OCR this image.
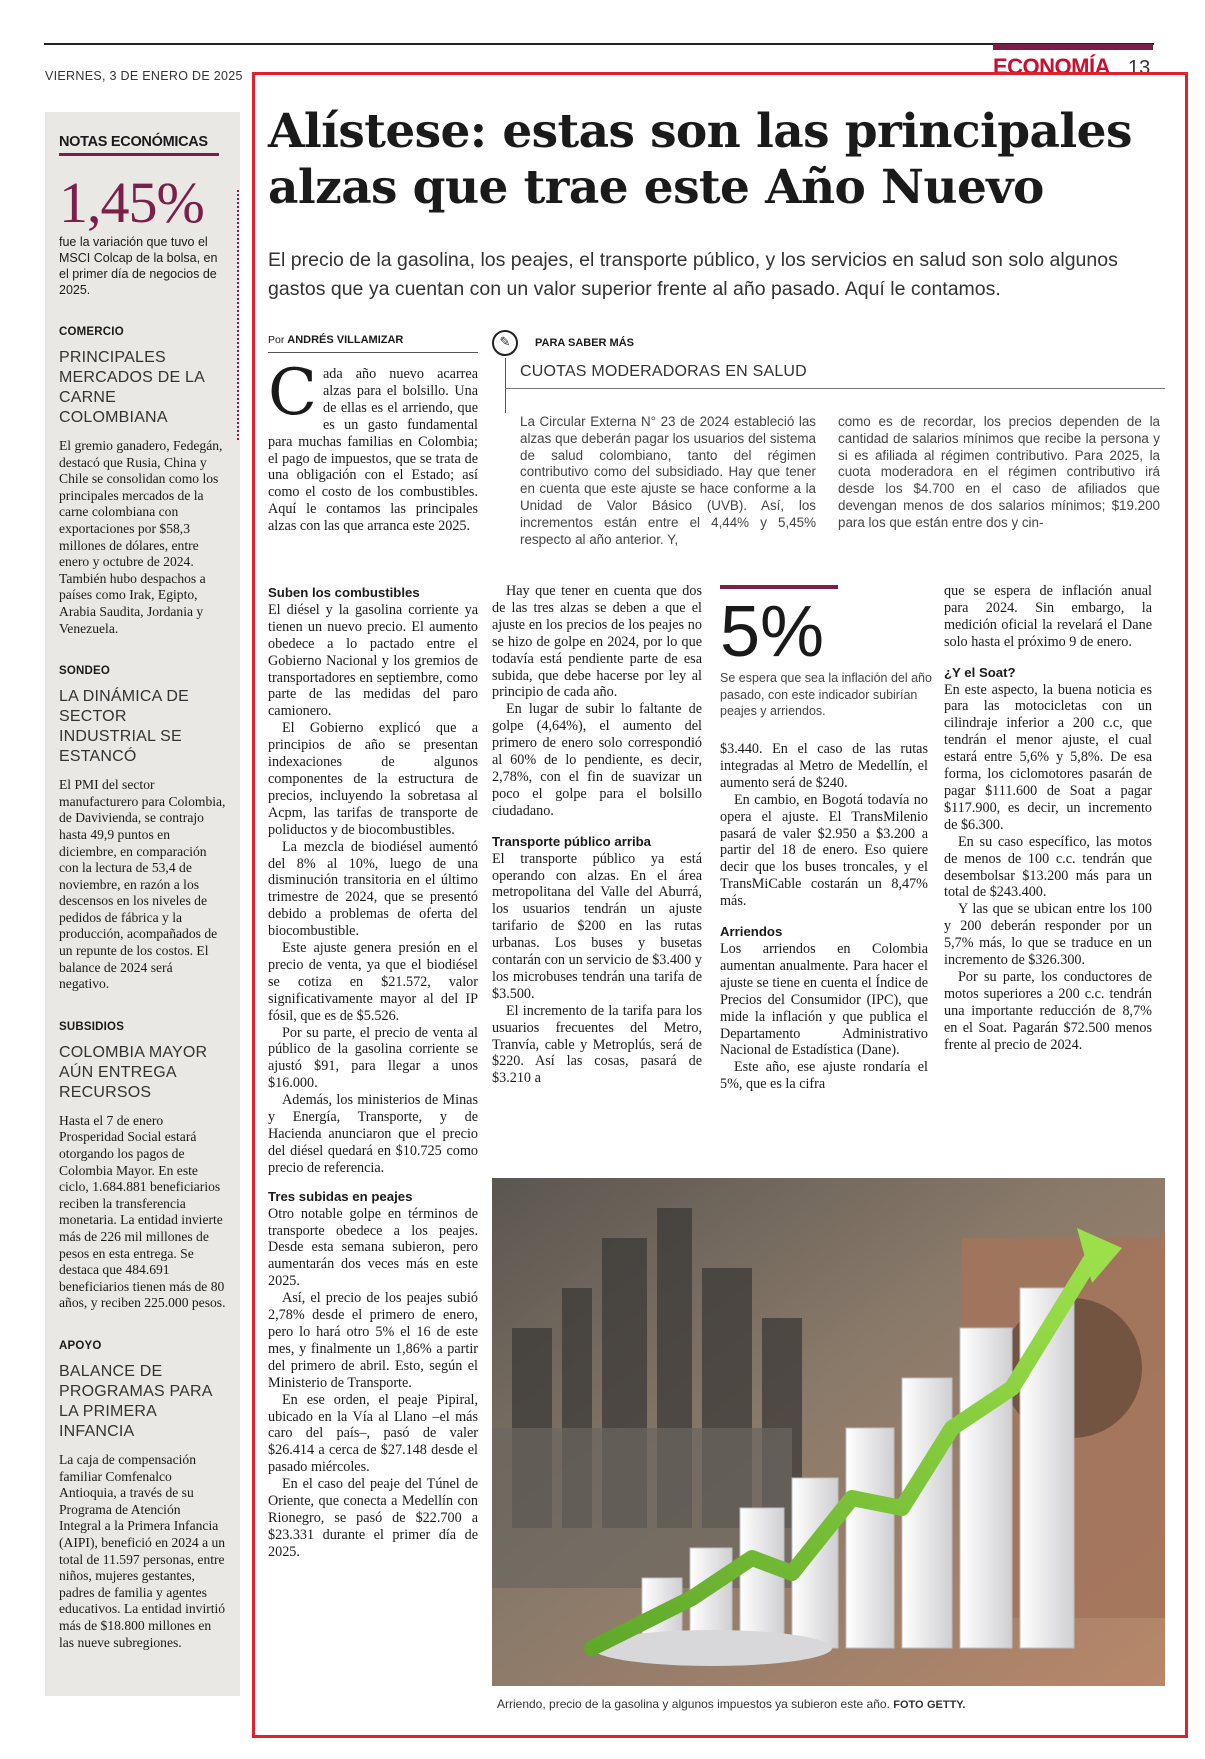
VIERNES, 3 DE ENERO DE 2025	ECONOMÍA 13
NOTAS ECONÓMICAS
1,45%
fue la variación que tuvo el MSCI Colcap de la bolsa, en el primer día de negocios de 2025.
COMERCIO
PRINCIPALES MERCADOS DE LA CARNE COLOMBIANA
El gremio ganadero, Fedegán, destacó que Rusia, China y Chile se consolidan como los principales mercados de la carne colombiana con exportaciones por $58,3 millones de dólares, entre enero y octubre de 2024. También hubo despachos a países como Irak, Egipto, Arabia Saudita, Jordania y Venezuela.
SONDEO
LA DINÁMICA DE SECTOR INDUSTRIAL SE ESTANCÓ
El PMI del sector manufacturero para Colombia, de Davivienda, se contrajo hasta 49,9 puntos en diciembre, en comparación con la lectura de 53,4 de noviembre, en razón a los descensos en los niveles de pedidos de fábrica y la producción, acompañados de un repunte de los costos. El balance de 2024 será negativo.
SUBSIDIOS
COLOMBIA MAYOR AÚN ENTREGA RECURSOS
Hasta el 7 de enero Prosperidad Social estará otorgando los pagos de Colombia Mayor. En este ciclo, 1.684.881 beneficiarios reciben la transferencia monetaria. La entidad invierte más de 226 mil millones de pesos en esta entrega. Se destaca que 484.691 beneficiarios tienen más de 80 años, y reciben 225.000 pesos.
APOYO
BALANCE DE PROGRAMAS PARA LA PRIMERA INFANCIA
La caja de compensación familiar Comfenalco Antioquia, a través de su Programa de Atención Integral a la Primera Infancia (AIPI), benefició en 2024 a un total de 11.597 personas, entre niños, mujeres gestantes, padres de familia y agentes educativos. La entidad invirtió más de $18.800 millones en las nueve subregiones.
Alístese: estas son las principales alzas que trae este Año Nuevo

El precio de la gasolina, los peajes, el transporte público, y los servicios en salud son solo algunos gastos que ya cuentan con un valor superior frente al año pasado. Aquí le contamos.

Por ANDRÉS VILLAMIZAR
C ada año nuevo acarrea alzas para el bolsillo. Una de ellas es el arriendo, que es un gasto fundamental para muchas familias en Colombia; el pago de impuestos, que se trata de una obligación con el Estado; así como el costo de los combustibles. Aquí le contamos las principales alzas con las que arranca este 2025.
Suben los combustibles

El diésel y la gasolina corriente ya tienen un nuevo precio. El aumento obedece a lo pactado entre el Gobierno Nacional y los gremios de transportadores en septiembre, como parte de las medidas del paro camionero.

El Gobierno explicó que a principios de año se presentan indexaciones de algunos componentes de la estructura de precios, incluyendo la sobretasa al Acpm, las tarifas de transporte de poliductos y de biocombustibles.

La mezcla de biodiésel aumentó del 8% al 10%, luego de una disminución transitoria en el último trimestre de 2024, que se presentó debido a problemas de oferta del biocombustible.

Este ajuste genera presión en el precio de venta, ya que el biodiésel se cotiza en $21.572, valor significativamente mayor al del IP fósil, que es de $5.526.

Por su parte, el precio de venta al público de la gasolina corriente se ajustó $91, para llegar a unos $16.000.

Además, los ministerios de Minas y Energía, Transporte, y de Hacienda anunciaron que el precio del diésel quedará en $10.725 como precio de referencia.

Tres subidas en peajes

Otro notable golpe en términos de transporte obedece a los peajes. Desde esta semana subieron, pero aumentarán dos veces más en este 2025.

Así, el precio de los peajes subió 2,78% desde el primero de enero, pero lo hará otro 5% el 16 de este mes, y finalmente un 1,86% a partir del primero de abril. Esto, según el Ministerio de Transporte.

En ese orden, el peaje Pipiral, ubicado en la Vía al Llano –el más caro del país–, pasó de valer $26.414 a cerca de $27.148 desde el pasado miércoles.

En el caso del peaje del Túnel de Oriente, que conecta a Medellín con Rionegro, se pasó de $22.700 a $23.331 durante el primer día de 2025.

✎	PARA SABER MÁS
CUOTAS MODERADORAS EN SALUD
La Circular Externa N° 23 de 2024 estableció las alzas que deberán pagar los usuarios del sistema de salud colombiano, tanto del régimen contributivo como del subsidiado. Hay que tener en cuenta que este ajuste se hace conforme a la Unidad de Valor Básico (UVB). Así, los incrementos están entre el 4,44% y 5,45% respecto al año anterior. Y,
como es de recordar, los precios dependen de la cantidad de salarios mínimos que recibe la persona y si es afiliada al régimen contributivo. Para 2025, la cuota moderadora en el régimen contributivo irá desde los $4.700 en el caso de afiliados que devengan menos de dos salarios mínimos; $19.200 para los que están entre dos y cin-

Hay que tener en cuenta que dos de las tres alzas se deben a que el ajuste en los precios de los peajes no se hizo de golpe en 2024, por lo que todavía está pendiente parte de esa subida, que debe hacerse por ley al principio de cada año.

En lugar de subir lo faltante de golpe (4,64%), el aumento del primero de enero solo correspondió al 60% de lo pendiente, es decir, 2,78%, con el fin de suavizar un poco el golpe para el bolsillo ciudadano.

Transporte público arriba

El transporte público ya está operando con alzas. En el área metropolitana del Valle del Aburrá, los usuarios tendrán un ajuste tarifario de $200 en las rutas urbanas. Los buses y busetas contarán con un servicio de $3.400 y los microbuses tendrán una tarifa de $3.500.

El incremento de la tarifa para los usuarios frecuentes del Metro, Tranvía, cable y Metroplús, será de $220. Así las cosas, pasará de $3.210 a

5%
Se espera que sea la inflación del año pasado, con este indicador subirían peajes y arriendos.

$3.440. En el caso de las rutas integradas al Metro de Medellín, el aumento será de $240.

En cambio, en Bogotá todavía no opera el ajuste. El TransMilenio pasará de valer $2.950 a $3.200 a partir del 18 de enero. Eso quiere decir que los buses troncales, y el TransMiCable costarán un 8,47% más.

Arriendos

Los arriendos en Colombia aumentan anualmente. Para hacer el ajuste se tiene en cuenta el Índice de Precios del Consumidor (IPC), que mide la inflación y que publica el Departamento Administrativo Nacional de Estadística (Dane).

Este año, ese ajuste rondaría el 5%, que es la cifra

que se espera de inflación anual para 2024. Sin embargo, la medición oficial la revelará el Dane solo hasta el próximo 9 de enero.

¿Y el Soat?

En este aspecto, la buena noticia es para las motocicletas con un cilindraje inferior a 200 c.c, que tendrán el menor ajuste, el cual estará entre 5,6% y 5,8%. De esa forma, los ciclomotores pasarán de pagar $111.600 de Soat a pagar $117.900, es decir, un incremento de $6.300.

En su caso específico, las motos de menos de 100 c.c. tendrán que desembolsar $13.200 más para un total de $243.400.

Y las que se ubican entre los 100 y 200 deberán responder por un 5,7% más, lo que se traduce en un incremento de $326.300.

Por su parte, los conductores de motos superiores a 200 c.c. tendrán una importante reducción de 8,7% en el Soat. Pagarán $72.500 menos frente al precio de 2024.

Arriendo, precio de la gasolina y algunos impuestos ya subieron este año. FOTO GETTY.
